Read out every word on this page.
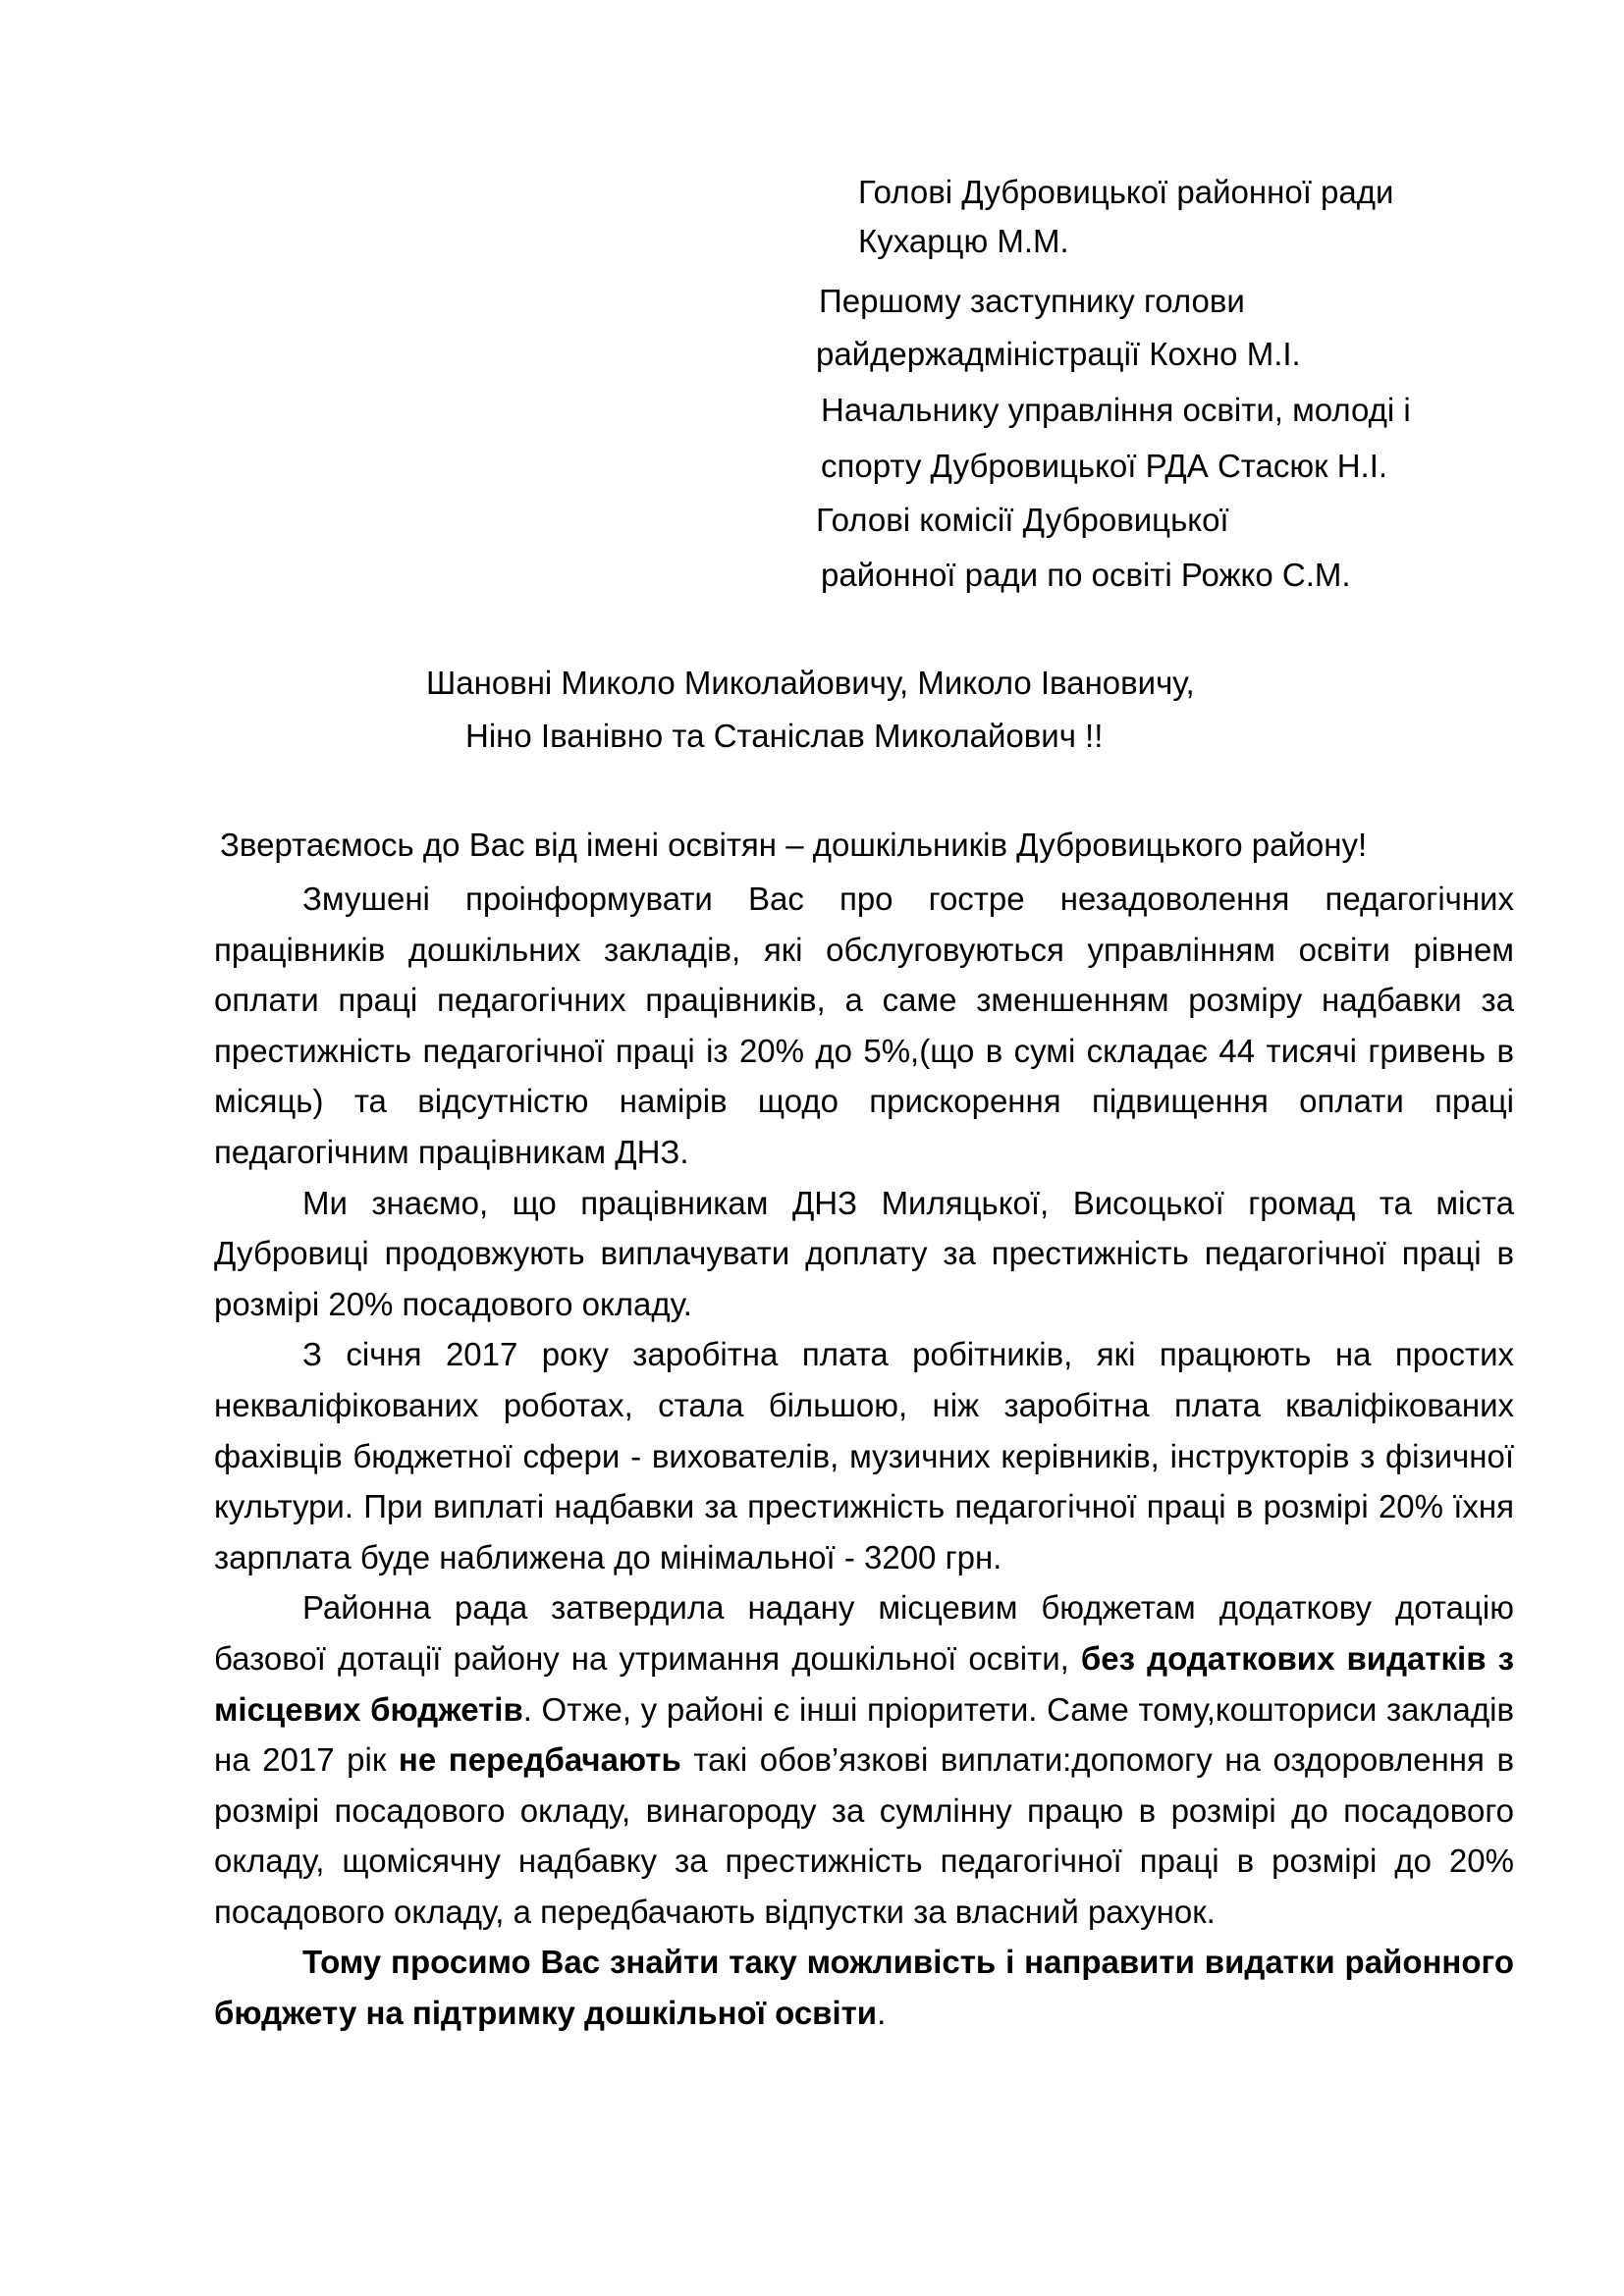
Голові Дубровицької районної ради
Кухарцю М.М.
Першому заступнику голови
райдержадміністрації Кохно М.І.
Начальнику управління освіти, молоді і
спорту Дубровицької РДА Стасюк Н.І.
Голові комісії Дубровицької
районної ради по освіті Рожко С.М.
Шановні Миколо Миколайовичу, Миколо Івановичу,
Ніно Іванівно та Станіслав Миколайович !!
Звертаємось до Вас від імені освітян – дошкільників Дубровицького району!

Змушені проінформувати Вас про гостре незадоволення педагогічних працівників дошкільних закладів, які обслуговуються управлінням освіти рівнем оплати праці педагогічних працівників, а саме зменшенням розміру надбавки за престижність педагогічної праці із 20% до 5%,(що в сумі складає 44 тисячі гривень в місяць) та відсутністю намірів щодо прискорення підвищення оплати праці педагогічним працівникам ДНЗ.

Ми знаємо, що працівникам ДНЗ Миляцької, Висоцької громад та міста Дубровиці продовжують виплачувати доплату за престижність педагогічної праці в розмірі 20% посадового окладу.

З січня 2017 року заробітна плата робітників, які працюють на простих некваліфікованих роботах, стала більшою, ніж заробітна плата кваліфікованих фахівців бюджетної сфери - вихователів, музичних керівників, інструкторів з фізичної культури. При виплаті надбавки за престижність педагогічної праці в розмірі 20% їхня зарплата буде наближена до мінімальної - 3200 грн.

Районна рада затвердила надану місцевим бюджетам додаткову дотацію базової дотації району на утримання дошкільної освіти, без додаткових видатків з місцевих бюджетів. Отже, у районі є інші пріоритети. Саме тому,кошториси закладів на 2017 рік не передбачають такі обов’язкові виплати:допомогу на оздоровлення в розмірі посадового окладу, винагороду за сумлінну працю в розмірі до посадового окладу, щомісячну надбавку за престижність педагогічної праці в розмірі до 20% посадового окладу, а передбачають відпустки за власний рахунок.

Тому просимо Вас знайти таку можливість і направити видатки районного бюджету на підтримку дошкільної освіти.
